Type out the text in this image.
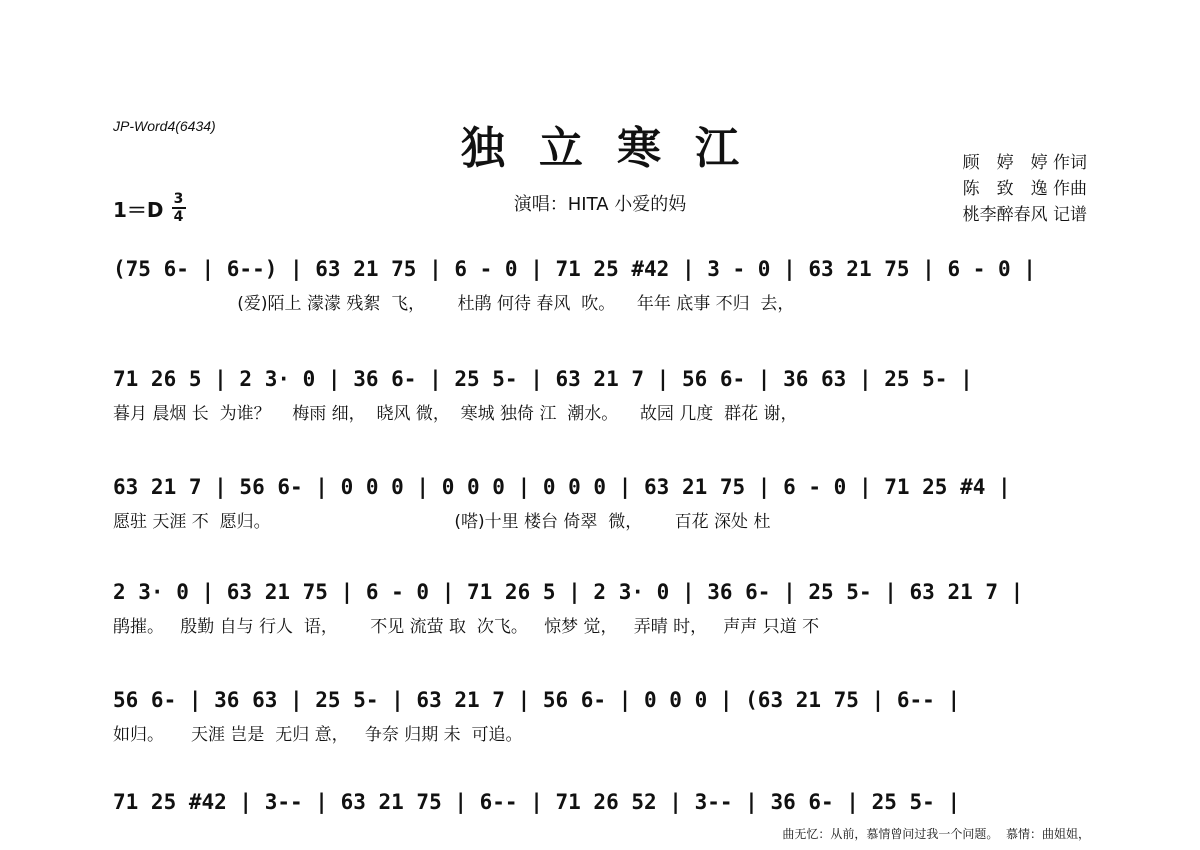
JP-Word4(6434)	独立寒江
演唱：HITA 小爱的妈
顾　婷　婷 作词
陈　致　逸 作曲
桃李醉春风 记谱
1＝D 3
4
(75 6- | 6--) | 63 21 75 | 6 - 0 | 71 25 #42 | 3 - 0 | 63 21 75 | 6 - 0 |
(爱)陌上 濛濛 残絮  飞，      杜鹃 何待 春风  吹。    年年 底事 不归  去，
71 26 5 | 2 3· 0 | 36 6- | 25 5- | 63 21 7 | 56 6- | 36 63 | 25 5- |
暮月 晨烟 长  为谁？    梅雨 细，  晓风 微，  寒城 独倚 江  潮水。    故园 几度  群花 谢，
63 21 7 | 56 6- | 0 0 0 | 0 0 0 | 0 0 0 | 63 21 75 | 6 - 0 | 71 25 #4 |
愿驻 天涯 不  愿归。                                  (嗒)十里 楼台 倚翠  微，      百花 深处 杜
2 3· 0 | 63 21 75 | 6 - 0 | 71 26 5 | 2 3· 0 | 36 6- | 25 5- | 63 21 7 |
鹃摧。   殷勤 自与 行人  语，      不见 流萤 取  次飞。   惊梦 觉，   弄晴 时，   声声 只道 不
56 6- | 36 63 | 25 5- | 63 21 7 | 56 6- | 0 0 0 | (63 21 75 | 6-- |
如归。     天涯 岂是  无归 意，   争奈 归期 未  可追。
71 25 #42 | 3-- | 63 21 75 | 6-- | 71 26 52 | 3-- | 36 6- | 25 5- |
曲无忆：从前，慕情曾问过我一个问题。  慕情：曲姐姐，
